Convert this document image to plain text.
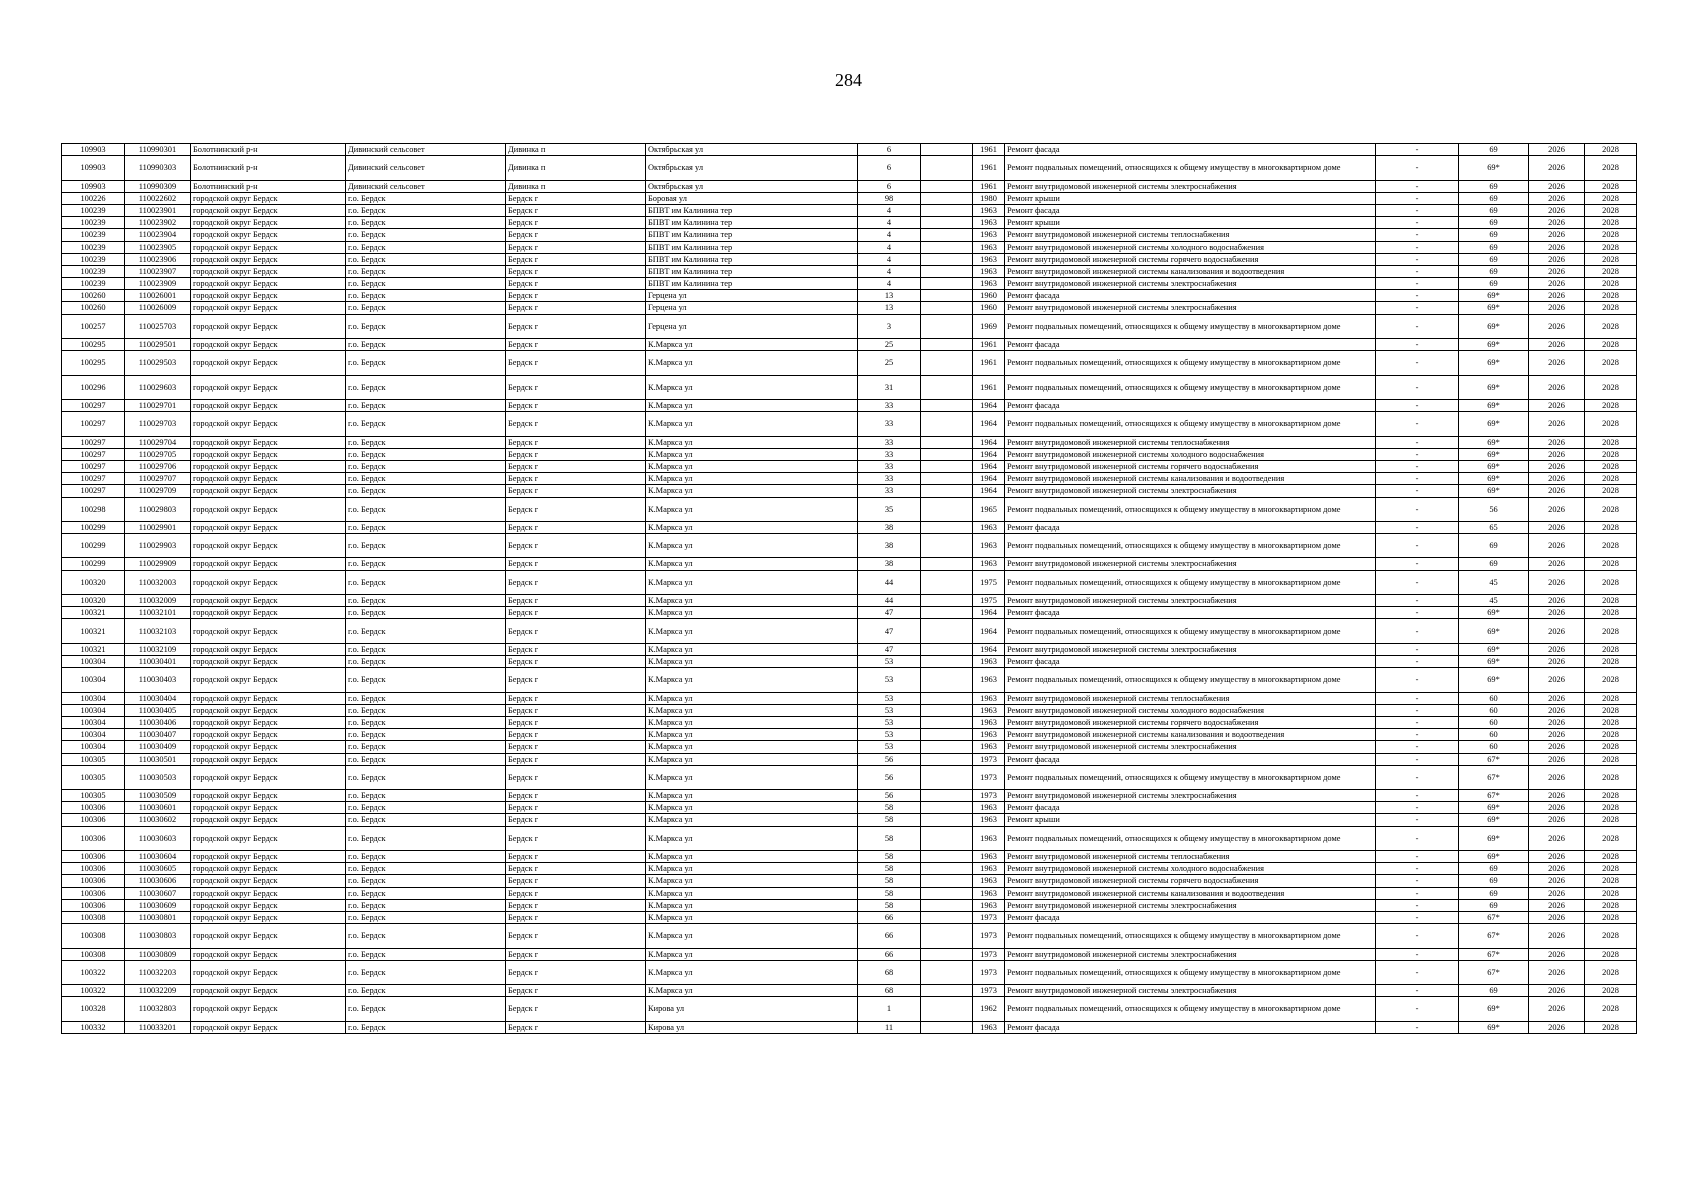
284
109903	110990301	Болотнинский р-н	Дивинский сельсовет	Дивинка п	Октябрьская ул	6		1961	Ремонт фасада	-	69	2026	2028
109903	110990303	Болотнинский р-н	Дивинский сельсовет	Дивинка п	Октябрьская ул	6		1961	Ремонт подвальных помещений, относящихся к общему имуществу в многоквартирном доме	-	69*	2026	2028
109903	110990309	Болотнинский р-н	Дивинский сельсовет	Дивинка п	Октябрьская ул	6		1961	Ремонт внутридомовой инженерной системы электроснабжения	-	69	2026	2028
100226	110022602	городской округ Бердск	г.о. Бердск	Бердск г	Боровая ул	98		1980	Ремонт крыши	-	69	2026	2028
100239	110023901	городской округ Бердск	г.о. Бердск	Бердск г	БПВТ им Калинина тер	4		1963	Ремонт фасада	-	69	2026	2028
100239	110023902	городской округ Бердск	г.о. Бердск	Бердск г	БПВТ им Калинина тер	4		1963	Ремонт крыши	-	69	2026	2028
100239	110023904	городской округ Бердск	г.о. Бердск	Бердск г	БПВТ им Калинина тер	4		1963	Ремонт внутридомовой инженерной системы теплоснабжения	-	69	2026	2028
100239	110023905	городской округ Бердск	г.о. Бердск	Бердск г	БПВТ им Калинина тер	4		1963	Ремонт внутридомовой инженерной системы холодного водоснабжения	-	69	2026	2028
100239	110023906	городской округ Бердск	г.о. Бердск	Бердск г	БПВТ им Калинина тер	4		1963	Ремонт внутридомовой инженерной системы горячего водоснабжения	-	69	2026	2028
100239	110023907	городской округ Бердск	г.о. Бердск	Бердск г	БПВТ им Калинина тер	4		1963	Ремонт внутридомовой инженерной системы канализования и водоотведения	-	69	2026	2028
100239	110023909	городской округ Бердск	г.о. Бердск	Бердск г	БПВТ им Калинина тер	4		1963	Ремонт внутридомовой инженерной системы электроснабжения	-	69	2026	2028
100260	110026001	городской округ Бердск	г.о. Бердск	Бердск г	Герцена ул	13		1960	Ремонт фасада	-	69*	2026	2028
100260	110026009	городской округ Бердск	г.о. Бердск	Бердск г	Герцена ул	13		1960	Ремонт внутридомовой инженерной системы электроснабжения	-	69*	2026	2028
100257	110025703	городской округ Бердск	г.о. Бердск	Бердск г	Герцена ул	3		1969	Ремонт подвальных помещений, относящихся к общему имуществу в многоквартирном доме	-	69*	2026	2028
100295	110029501	городской округ Бердск	г.о. Бердск	Бердск г	К.Маркса ул	25		1961	Ремонт фасада	-	69*	2026	2028
100295	110029503	городской округ Бердск	г.о. Бердск	Бердск г	К.Маркса ул	25		1961	Ремонт подвальных помещений, относящихся к общему имуществу в многоквартирном доме	-	69*	2026	2028
100296	110029603	городской округ Бердск	г.о. Бердск	Бердск г	К.Маркса ул	31		1961	Ремонт подвальных помещений, относящихся к общему имуществу в многоквартирном доме	-	69*	2026	2028
100297	110029701	городской округ Бердск	г.о. Бердск	Бердск г	К.Маркса ул	33		1964	Ремонт фасада	-	69*	2026	2028
100297	110029703	городской округ Бердск	г.о. Бердск	Бердск г	К.Маркса ул	33		1964	Ремонт подвальных помещений, относящихся к общему имуществу в многоквартирном доме	-	69*	2026	2028
100297	110029704	городской округ Бердск	г.о. Бердск	Бердск г	К.Маркса ул	33		1964	Ремонт внутридомовой инженерной системы теплоснабжения	-	69*	2026	2028
100297	110029705	городской округ Бердск	г.о. Бердск	Бердск г	К.Маркса ул	33		1964	Ремонт внутридомовой инженерной системы холодного водоснабжения	-	69*	2026	2028
100297	110029706	городской округ Бердск	г.о. Бердск	Бердск г	К.Маркса ул	33		1964	Ремонт внутридомовой инженерной системы горячего водоснабжения	-	69*	2026	2028
100297	110029707	городской округ Бердск	г.о. Бердск	Бердск г	К.Маркса ул	33		1964	Ремонт внутридомовой инженерной системы канализования и водоотведения	-	69*	2026	2028
100297	110029709	городской округ Бердск	г.о. Бердск	Бердск г	К.Маркса ул	33		1964	Ремонт внутридомовой инженерной системы электроснабжения	-	69*	2026	2028
100298	110029803	городской округ Бердск	г.о. Бердск	Бердск г	К.Маркса ул	35		1965	Ремонт подвальных помещений, относящихся к общему имуществу в многоквартирном доме	-	56	2026	2028
100299	110029901	городской округ Бердск	г.о. Бердск	Бердск г	К.Маркса ул	38		1963	Ремонт фасада	-	65	2026	2028
100299	110029903	городской округ Бердск	г.о. Бердск	Бердск г	К.Маркса ул	38		1963	Ремонт подвальных помещений, относящихся к общему имуществу в многоквартирном доме	-	69	2026	2028
100299	110029909	городской округ Бердск	г.о. Бердск	Бердск г	К.Маркса ул	38		1963	Ремонт внутридомовой инженерной системы электроснабжения	-	69	2026	2028
100320	110032003	городской округ Бердск	г.о. Бердск	Бердск г	К.Маркса ул	44		1975	Ремонт подвальных помещений, относящихся к общему имуществу в многоквартирном доме	-	45	2026	2028
100320	110032009	городской округ Бердск	г.о. Бердск	Бердск г	К.Маркса ул	44		1975	Ремонт внутридомовой инженерной системы электроснабжения	-	45	2026	2028
100321	110032101	городской округ Бердск	г.о. Бердск	Бердск г	К.Маркса ул	47		1964	Ремонт фасада	-	69*	2026	2028
100321	110032103	городской округ Бердск	г.о. Бердск	Бердск г	К.Маркса ул	47		1964	Ремонт подвальных помещений, относящихся к общему имуществу в многоквартирном доме	-	69*	2026	2028
100321	110032109	городской округ Бердск	г.о. Бердск	Бердск г	К.Маркса ул	47		1964	Ремонт внутридомовой инженерной системы электроснабжения	-	69*	2026	2028
100304	110030401	городской округ Бердск	г.о. Бердск	Бердск г	К.Маркса ул	53		1963	Ремонт фасада	-	69*	2026	2028
100304	110030403	городской округ Бердск	г.о. Бердск	Бердск г	К.Маркса ул	53		1963	Ремонт подвальных помещений, относящихся к общему имуществу в многоквартирном доме	-	69*	2026	2028
100304	110030404	городской округ Бердск	г.о. Бердск	Бердск г	К.Маркса ул	53		1963	Ремонт внутридомовой инженерной системы теплоснабжения	-	60	2026	2028
100304	110030405	городской округ Бердск	г.о. Бердск	Бердск г	К.Маркса ул	53		1963	Ремонт внутридомовой инженерной системы холодного водоснабжения	-	60	2026	2028
100304	110030406	городской округ Бердск	г.о. Бердск	Бердск г	К.Маркса ул	53		1963	Ремонт внутридомовой инженерной системы горячего водоснабжения	-	60	2026	2028
100304	110030407	городской округ Бердск	г.о. Бердск	Бердск г	К.Маркса ул	53		1963	Ремонт внутридомовой инженерной системы канализования и водоотведения	-	60	2026	2028
100304	110030409	городской округ Бердск	г.о. Бердск	Бердск г	К.Маркса ул	53		1963	Ремонт внутридомовой инженерной системы электроснабжения	-	60	2026	2028
100305	110030501	городской округ Бердск	г.о. Бердск	Бердск г	К.Маркса ул	56		1973	Ремонт фасада	-	67*	2026	2028
100305	110030503	городской округ Бердск	г.о. Бердск	Бердск г	К.Маркса ул	56		1973	Ремонт подвальных помещений, относящихся к общему имуществу в многоквартирном доме	-	67*	2026	2028
100305	110030509	городской округ Бердск	г.о. Бердск	Бердск г	К.Маркса ул	56		1973	Ремонт внутридомовой инженерной системы электроснабжения	-	67*	2026	2028
100306	110030601	городской округ Бердск	г.о. Бердск	Бердск г	К.Маркса ул	58		1963	Ремонт фасада	-	69*	2026	2028
100306	110030602	городской округ Бердск	г.о. Бердск	Бердск г	К.Маркса ул	58		1963	Ремонт крыши	-	69*	2026	2028
100306	110030603	городской округ Бердск	г.о. Бердск	Бердск г	К.Маркса ул	58		1963	Ремонт подвальных помещений, относящихся к общему имуществу в многоквартирном доме	-	69*	2026	2028
100306	110030604	городской округ Бердск	г.о. Бердск	Бердск г	К.Маркса ул	58		1963	Ремонт внутридомовой инженерной системы теплоснабжения	-	69*	2026	2028
100306	110030605	городской округ Бердск	г.о. Бердск	Бердск г	К.Маркса ул	58		1963	Ремонт внутридомовой инженерной системы холодного водоснабжения	-	69	2026	2028
100306	110030606	городской округ Бердск	г.о. Бердск	Бердск г	К.Маркса ул	58		1963	Ремонт внутридомовой инженерной системы горячего водоснабжения	-	69	2026	2028
100306	110030607	городской округ Бердск	г.о. Бердск	Бердск г	К.Маркса ул	58		1963	Ремонт внутридомовой инженерной системы канализования и водоотведения	-	69	2026	2028
100306	110030609	городской округ Бердск	г.о. Бердск	Бердск г	К.Маркса ул	58		1963	Ремонт внутридомовой инженерной системы электроснабжения	-	69	2026	2028
100308	110030801	городской округ Бердск	г.о. Бердск	Бердск г	К.Маркса ул	66		1973	Ремонт фасада	-	67*	2026	2028
100308	110030803	городской округ Бердск	г.о. Бердск	Бердск г	К.Маркса ул	66		1973	Ремонт подвальных помещений, относящихся к общему имуществу в многоквартирном доме	-	67*	2026	2028
100308	110030809	городской округ Бердск	г.о. Бердск	Бердск г	К.Маркса ул	66		1973	Ремонт внутридомовой инженерной системы электроснабжения	-	67*	2026	2028
100322	110032203	городской округ Бердск	г.о. Бердск	Бердск г	К.Маркса ул	68		1973	Ремонт подвальных помещений, относящихся к общему имуществу в многоквартирном доме	-	67*	2026	2028
100322	110032209	городской округ Бердск	г.о. Бердск	Бердск г	К.Маркса ул	68		1973	Ремонт внутридомовой инженерной системы электроснабжения	-	69	2026	2028
100328	110032803	городской округ Бердск	г.о. Бердск	Бердск г	Кирова ул	1		1962	Ремонт подвальных помещений, относящихся к общему имуществу в многоквартирном доме	-	69*	2026	2028
100332	110033201	городской округ Бердск	г.о. Бердск	Бердск г	Кирова ул	11		1963	Ремонт фасада	-	69*	2026	2028
